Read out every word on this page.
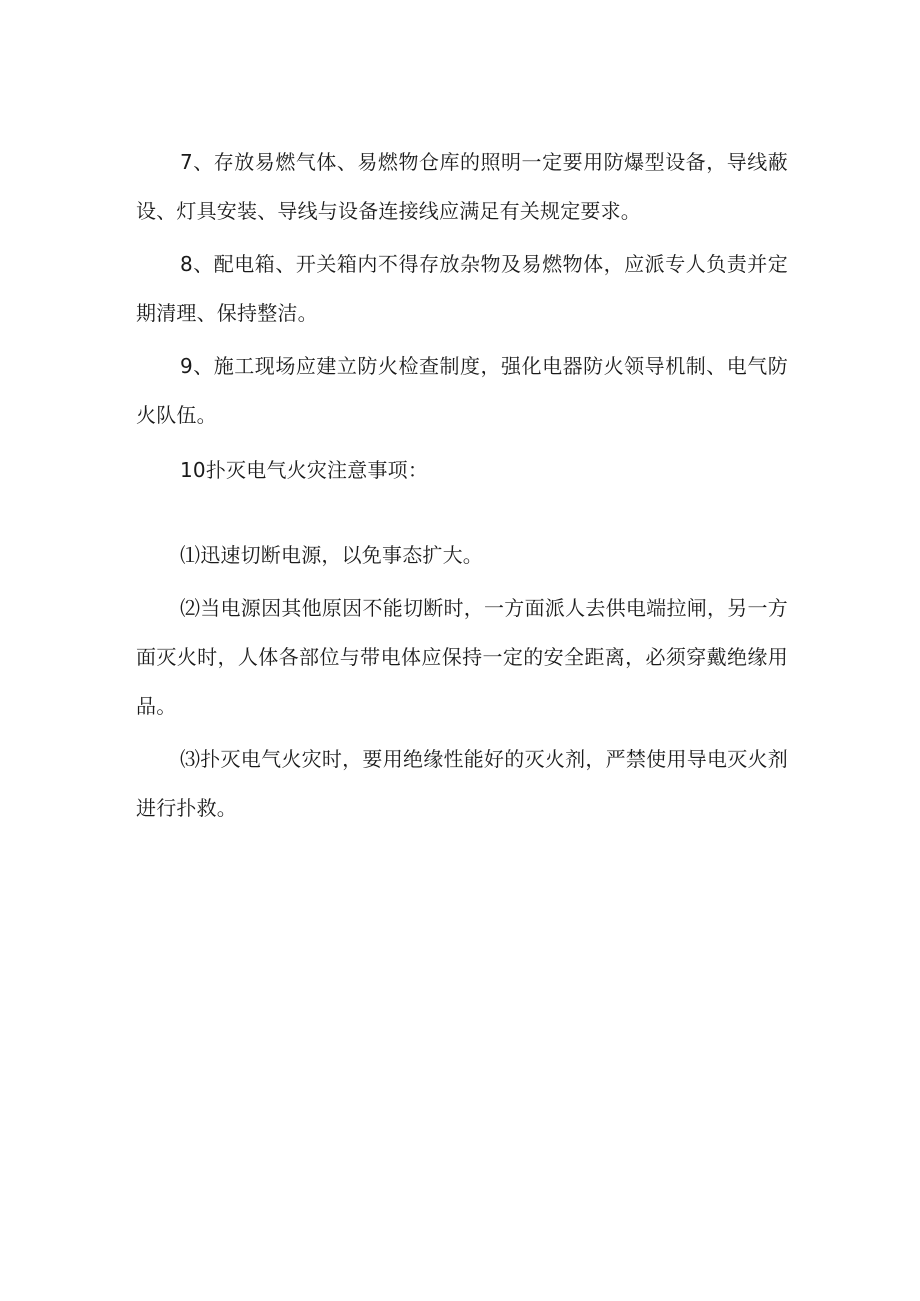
7、存放易燃气体、易燃物仓库的照明一定要用防爆型设备，导线蔽设、灯具安装、导线与设备连接线应满足有关规定要求。

8、配电箱、开关箱内不得存放杂物及易燃物体，应派专人负责并定期清理、保持整洁。

9、施工现场应建立防火检查制度，强化电器防火领导机制、电气防火队伍。

10扑灭电气火灾注意事项：

⑴迅速切断电源，以免事态扩大。

⑵当电源因其他原因不能切断时，一方面派人去供电端拉闸，另一方面灭火时，人体各部位与带电体应保持一定的安全距离，必须穿戴绝缘用品。

⑶扑灭电气火灾时，要用绝缘性能好的灭火剂，严禁使用导电灭火剂进行扑救。
